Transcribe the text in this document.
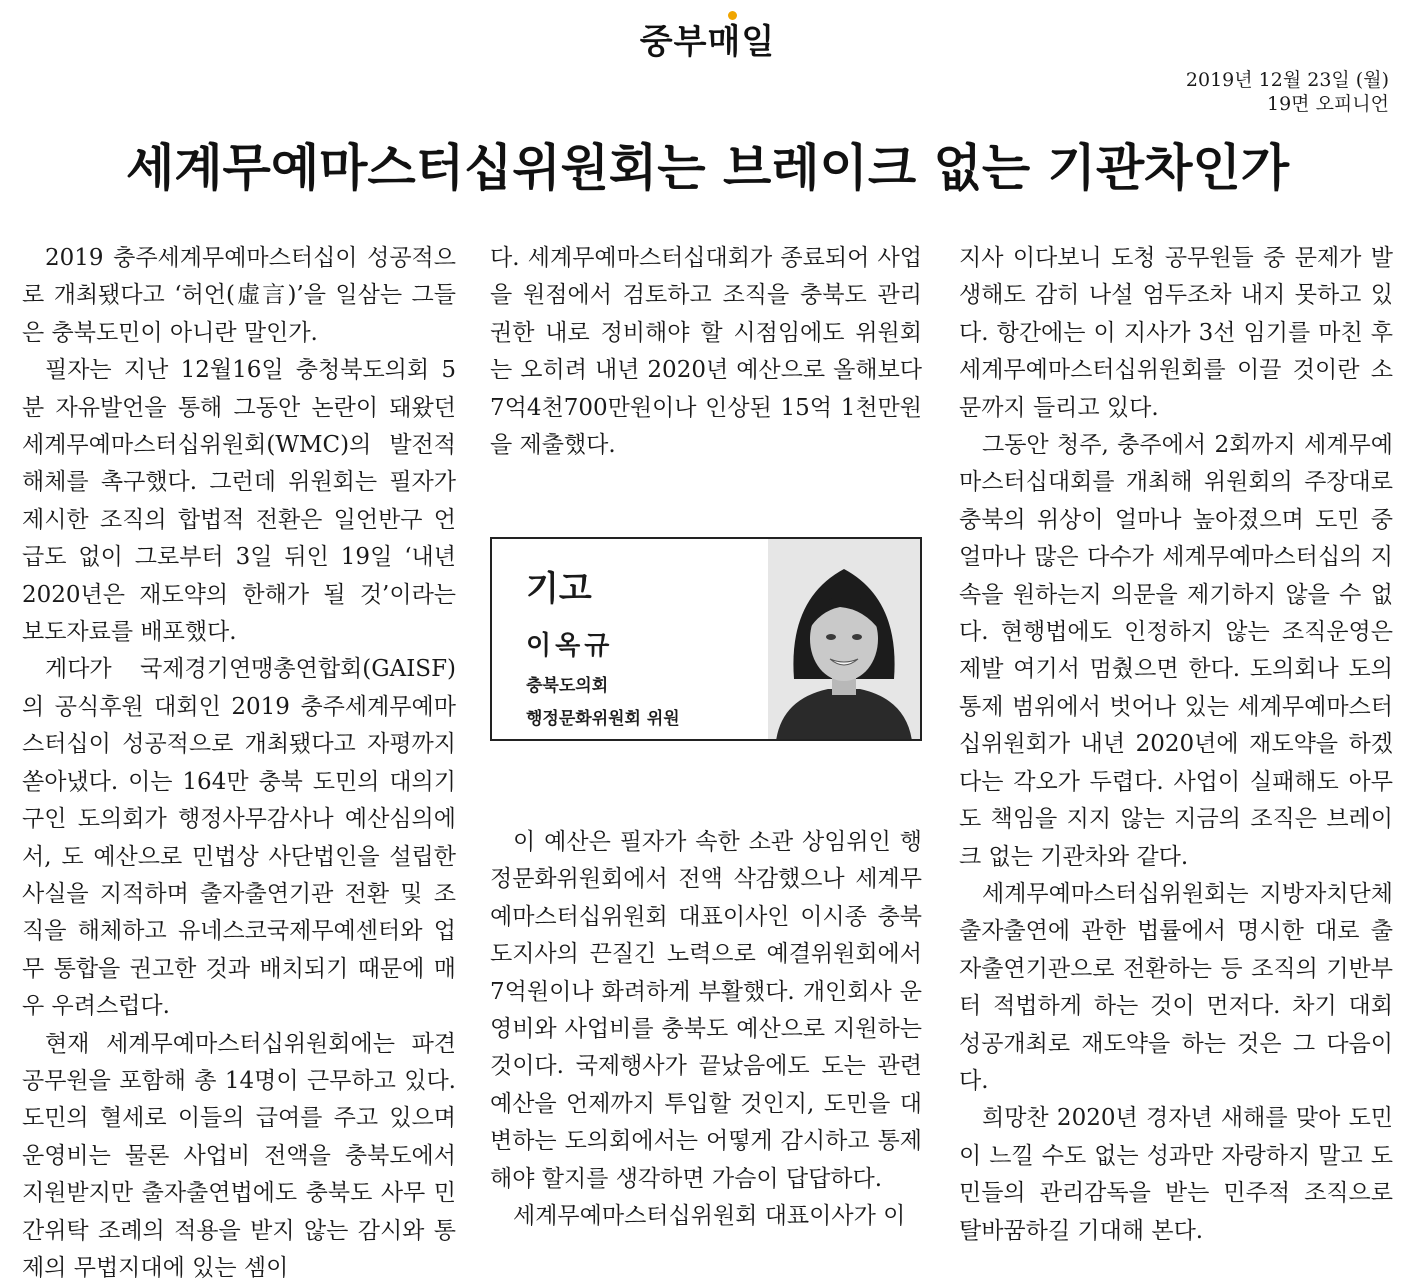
중부매일
2019년 12월 23일 (월)
19면 오피니언
세계무예마스터십위원회는 브레이크 없는 기관차인가

2019 충주세계무예마스터십이 성공적으로 개최됐다고 ‘허언(虛言)’을 일삼는 그들은 충북도민이 아니란 말인가.

필자는 지난 12월16일 충청북도의회 5분 자유발언을 통해 그동안 논란이 돼왔던 세계무예마스터십위원회(WMC)의 발전적 해체를 촉구했다. 그런데 위원회는 필자가 제시한 조직의 합법적 전환은 일언반구 언급도 없이 그로부터 3일 뒤인 19일 ‘내년 2020년은 재도약의 한해가 될 것’이라는 보도자료를 배포했다.

게다가 국제경기연맹총연합회(GAISF)의 공식후원 대회인 2019 충주세계무예마스터십이 성공적으로 개최됐다고 자평까지 쏟아냈다. 이는 164만 충북 도민의 대의기구인 도의회가 행정사무감사나 예산심의에서, 도 예산으로 민법상 사단법인을 설립한 사실을 지적하며 출자출연기관 전환 및 조직을 해체하고 유네스코국제무예센터와 업무 통합을 권고한 것과 배치되기 때문에 매우 우려스럽다.

현재 세계무예마스터십위원회에는 파견 공무원을 포함해 총 14명이 근무하고 있다. 도민의 혈세로 이들의 급여를 주고 있으며 운영비는 물론 사업비 전액을 충북도에서 지원받지만 출자출연법에도 충북도 사무 민간위탁 조례의 적용을 받지 않는 감시와 통제의 무법지대에 있는 셈이

다. 세계무예마스터십대회가 종료되어 사업을 원점에서 검토하고 조직을 충북도 관리권한 내로 정비해야 할 시점임에도 위원회는 오히려 내년 2020년 예산으로 올해보다 7억4천700만원이나 인상된 15억 1천만원을 제출했다.

기고
이옥규
충북도의회
행정문화위원회 위원

이 예산은 필자가 속한 소관 상임위인 행정문화위원회에서 전액 삭감했으나 세계무예마스터십위원회 대표이사인 이시종 충북도지사의 끈질긴 노력으로 예결위원회에서 7억원이나 화려하게 부활했다. 개인회사 운영비와 사업비를 충북도 예산으로 지원하는 것이다. 국제행사가 끝났음에도 도는 관련 예산을 언제까지 투입할 것인지, 도민을 대변하는 도의회에서는 어떻게 감시하고 통제해야 할지를 생각하면 가슴이 답답하다.

세계무예마스터십위원회 대표이사가 이

지사 이다보니 도청 공무원들 중 문제가 발생해도 감히 나설 엄두조차 내지 못하고 있다. 항간에는 이 지사가 3선 임기를 마친 후 세계무예마스터십위원회를 이끌 것이란 소문까지 들리고 있다.

그동안 청주, 충주에서 2회까지 세계무예마스터십대회를 개최해 위원회의 주장대로 충북의 위상이 얼마나 높아졌으며 도민 중 얼마나 많은 다수가 세계무예마스터십의 지속을 원하는지 의문을 제기하지 않을 수 없다. 현행법에도 인정하지 않는 조직운영은 제발 여기서 멈췄으면 한다. 도의회나 도의 통제 범위에서 벗어나 있는 세계무예마스터십위원회가 내년 2020년에 재도약을 하겠다는 각오가 두렵다. 사업이 실패해도 아무도 책임을 지지 않는 지금의 조직은 브레이크 없는 기관차와 같다.

세계무예마스터십위원회는 지방자치단체 출자출연에 관한 법률에서 명시한 대로 출자출연기관으로 전환하는 등 조직의 기반부터 적법하게 하는 것이 먼저다. 차기 대회 성공개최로 재도약을 하는 것은 그 다음이다.

희망찬 2020년 경자년 새해를 맞아 도민이 느낄 수도 없는 성과만 자랑하지 말고 도민들의 관리감독을 받는 민주적 조직으로 탈바꿈하길 기대해 본다.
